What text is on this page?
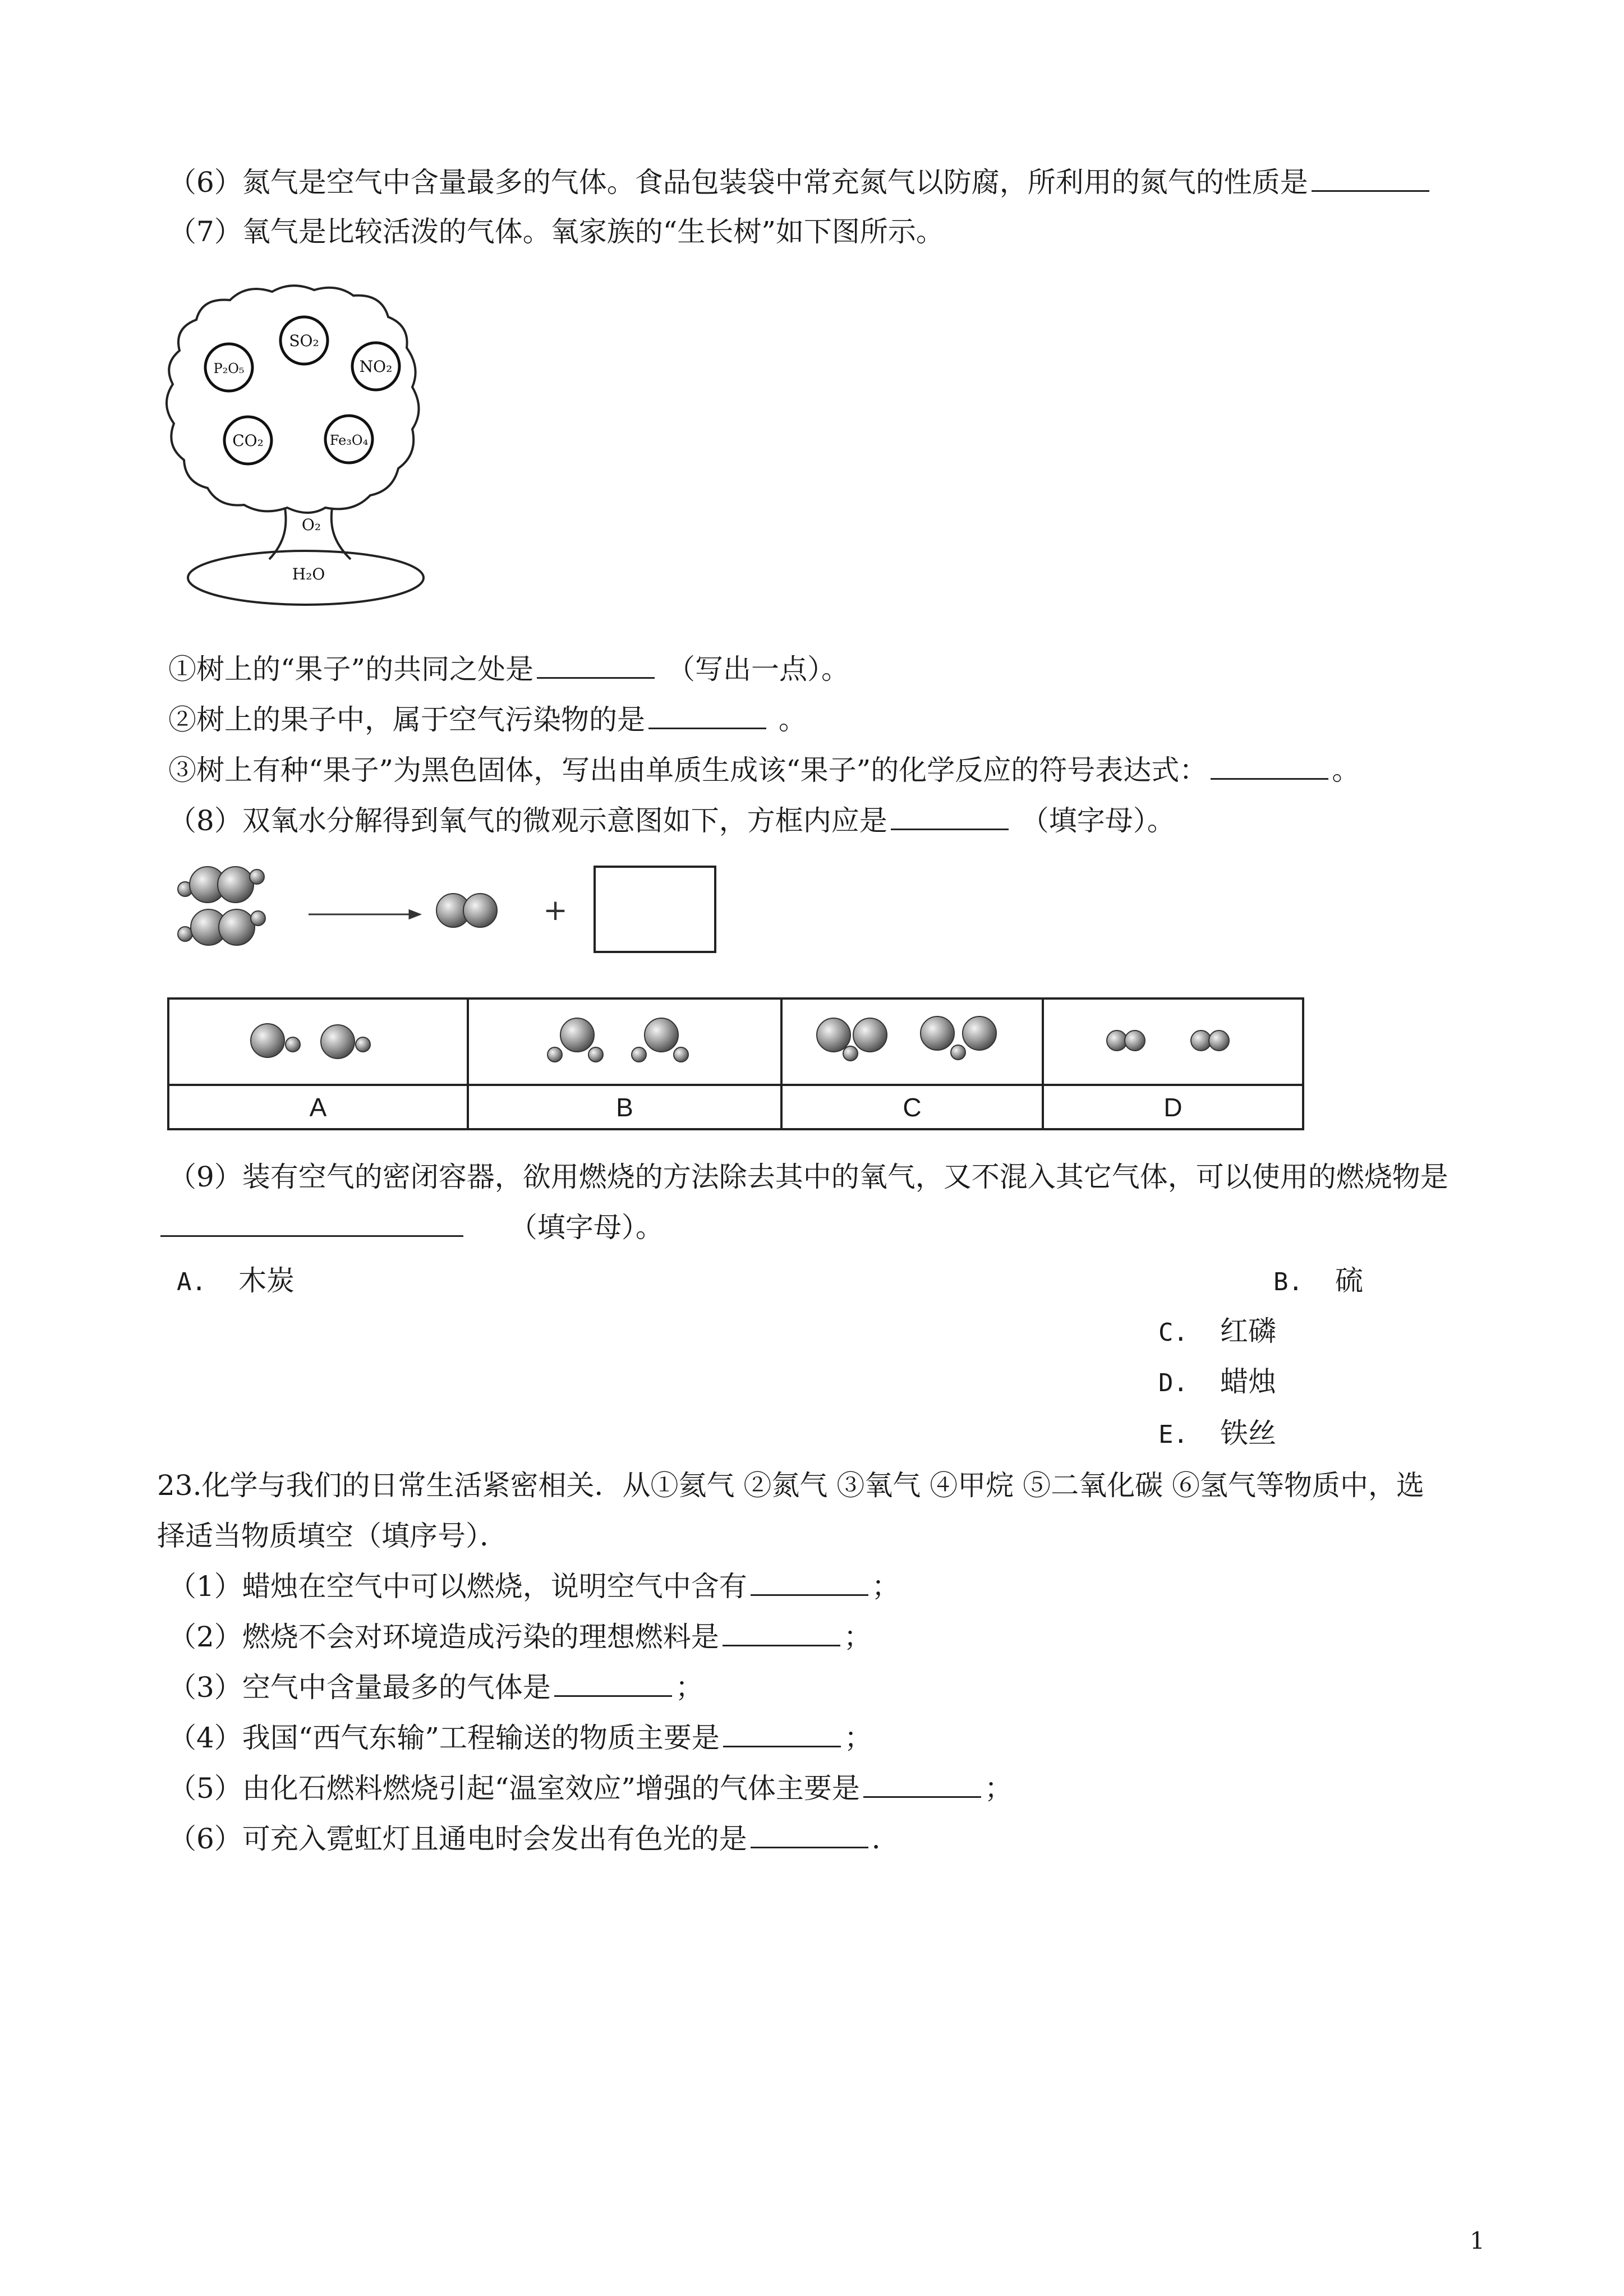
（6）氮气是空气中含量最多的气体。食品包装袋中常充氮气以防腐，所利用的氮气的性质是
（7）氧气是比较活泼的气体。氧家族的“生长树”如下图所示。
SO₂
P₂O₅	NO₂
CO₂	Fe₃O₄
O₂
H₂O
①树上的“果子”的共同之处是	（写出一点）。
②树上的果子中，属于空气污染物的是	。
③树上有种“果子”为黑色固体，写出由单质生成该“果子”的化学反应的符号表达式：	。
（8）双氧水分解得到氧气的微观示意图如下，方框内应是	（填字母）。
+

A	B	C	D
（9）装有空气的密闭容器，欲用燃烧的方法除去其中的氧气，又不混入其它气体，可以使用的燃烧物是
（填字母）。
A. 木炭	B. 硫
C. 红磷
D. 蜡烛
E. 铁丝
23.化学与我们的日常生活紧密相关．从①氦气 ②氮气 ③氧气 ④甲烷 ⑤二氧化碳 ⑥氢气等物质中，选
择适当物质填空（填序号）．
（1）蜡烛在空气中可以燃烧，说明空气中含有	；
（2）燃烧不会对环境造成污染的理想燃料是	；
（3）空气中含量最多的气体是	；
（4）我国“西气东输”工程输送的物质主要是	；
（5）由化石燃料燃烧引起“温室效应”增强的气体主要是	；
（6）可充入霓虹灯且通电时会发出有色光的是	．
1
